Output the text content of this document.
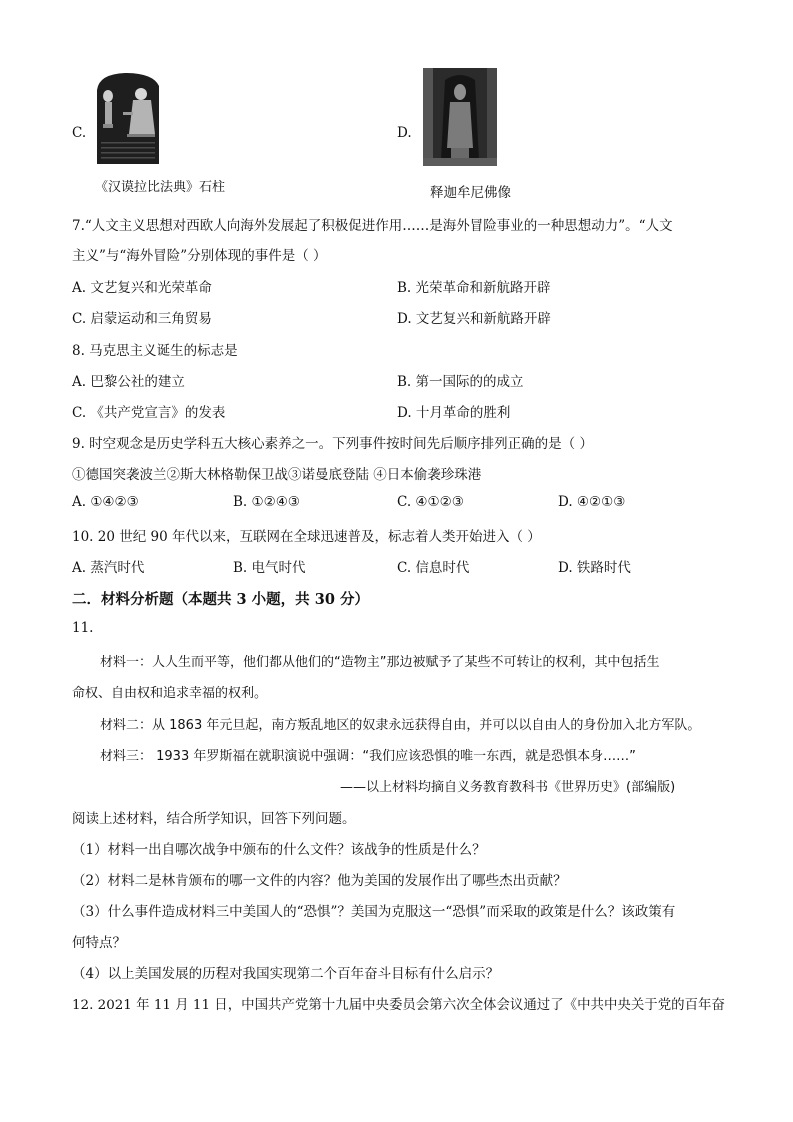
C.
《汉谟拉比法典》石柱
D.
释迦牟尼佛像
7.“人文主义思想对西欧人向海外发展起了积极促进作用……是海外冒险事业的一种思想动力”。“人文
主义”与“海外冒险”分别体现的事件是（ ）
A. 文艺复兴和光荣革命	B. 光荣革命和新航路开辟
C. 启蒙运动和三角贸易	D. 文艺复兴和新航路开辟
8. 马克思主义诞生的标志是
A. 巴黎公社的建立	B. 第一国际的的成立
C. 《共产党宣言》的发表	D. 十月革命的胜利
9. 时空观念是历史学科五大核心素养之一。下列事件按时间先后顺序排列正确的是（ ）
①德国突袭波兰②斯大林格勒保卫战③诺曼底登陆 ④日本偷袭珍珠港
A. ①④②③	B. ①②④③	C. ④①②③	D. ④②①③
10. 20 世纪 90 年代以来，互联网在全球迅速普及，标志着人类开始进入（ ）
A. 蒸汽时代	B. 电气时代	C. 信息时代	D. 铁路时代
二．材料分析题（本题共 3 小题，共 30 分）
11.
材料一：人人生而平等，他们都从他们的“造物主”那边被赋予了某些不可转让的权利，其中包括生
命权、自由权和追求幸福的权利。
材料二：从 1863 年元旦起，南方叛乱地区的奴隶永远获得自由，并可以以自由人的身份加入北方军队。
材料三： 1933 年罗斯福在就职演说中强调：“我们应该恐惧的唯一东西，就是恐惧本身……”
——以上材料均摘自义务教育教科书《世界历史》(部编版)
阅读上述材料，结合所学知识，回答下列问题。
（1）材料一出自哪次战争中颁布的什么文件？该战争的性质是什么？
（2）材料二是林肯颁布的哪一文件的内容？他为美国的发展作出了哪些杰出贡献？
（3）什么事件造成材料三中美国人的“恐惧”？美国为克服这一“恐惧”而采取的政策是什么？该政策有
何特点？
（4）以上美国发展的历程对我国实现第二个百年奋斗目标有什么启示？
12. 2021 年 11 月 11 日，中国共产党第十九届中央委员会第六次全体会议通过了《中共中央关于党的百年奋
